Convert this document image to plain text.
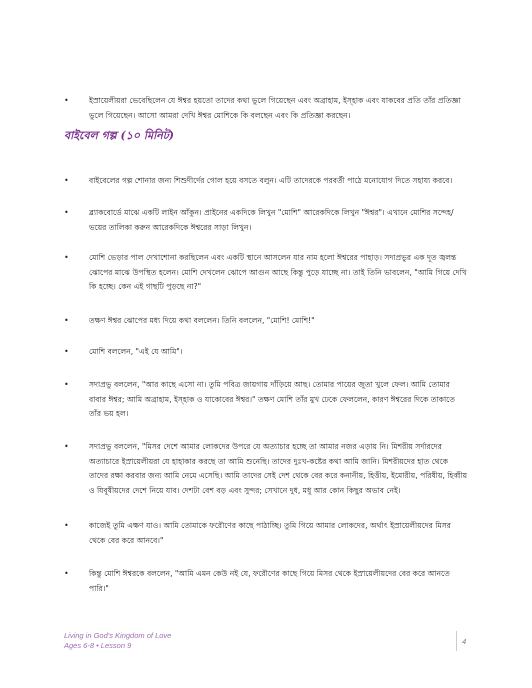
•	ইস্রায়েলীয়রা ভেবেছিলেন যে ঈশ্বর হয়তো তাদের কথা ভুলে গিয়েছেন এবং অব্রাহাম, ইস্হাক এবং যাকবের প্রতি তাঁর প্রতিজ্ঞা ভুলে গিয়েছেন। আসো আমরা দেখি ঈশ্বর মোশিকে কি বলছেন এবং কি প্রতিজ্ঞা করছেন।

বাইবেল গল্প (১০ মিনিট)
•	বাইবেলের গল্প শোনার জন্য শিশুদীর্দের গোল হয়ে বসতে বলুন। এটি তাদেরকে পরবর্তী পাঠে মনোযোগ দিতে সহায্য করবে।

•	ব্ল্যাকবোর্ডে মাঝে একটি লাইন আঁকুন। প্রাইনের একদিকে লিখুন "মোশি" আরেকদিকে লিখুন "ঈশ্বর"। এখানে মোশির সন্দেহ/ভয়ের তালিকা করুন আরেকদিকে ঈশ্বরের সাড়া লিখুন।

•	মোশি ভেড়ার পাল দেখাশোনা করছিলেন এবং একটি স্থানে আসলেন যার নাম হলো ঈশ্বরের পাহাড়। সদাপ্রভুর এক দূত জ্বলন্ত ঝোপের মাঝে উপস্থিত হলেন। মোশি দেখলেন ঝোপে আগুন আছে কিন্তু পুড়ে যাচ্ছে না। তাই তিনি ভাবলেন, "আমি গিয়ে দেখি কি হচ্ছে। কেন এই গাছটি পুড়ছে না?"

•	তক্ষণ ঈশ্বর ঝোপের মধ্য দিয়ে কথা বললেন। তিনি বললেন, "মোশি! মোশি!"

•	মোশি বললেন, "এই যে আমি"।

•	সদাপ্রভু বললেন, "আর কাছে এসো না। তুমি পবিত্র জায়গায় দাঁড়িয়ে আছ। তোমার পায়ের জুতা খুলে ফেল। আমি তোমার বাবার ঈশ্বর; আমি অব্রাহাম, ইস্হাক ও যাকোবের ঈশ্বর।" তক্ষণ মোশি তাঁর মুখ ঢেকে ফেললেন, কারণ ঈশ্বরের দিকে তাকাতে তাঁর ভয় হল।

•	সদাপ্রভু বললেন, "মিসর দেশে আমার লোকদের উপরে যে অত্যাচার হচ্ছে তা আমার নজর এড়ায় নি। মিশরীয় সর্দারদের অত্যাচারে ইস্রায়েলীয়রা যে হাহাকার করছে তা আমি শুনেছি। তাদের দুঃখ-কষ্টের কথা আমি জানি। মিশরীয়দের হাত থেকে তাদের রক্ষা করবার জন্য আমি নেমে এসেছি। আমি তাদের সেই দেশ থেকে বের করে কনানীয়, হিত্তীয়, ইমোরীয়, পরিষীয়, হিব্বীয় ও যিবূষীয়দের দেশে নিয়ে যাব। দেশটা বেশ বড় এবং সুন্দর; সেখানে দুধ, মধু আর কোন কিছুর অভাব নেই।

•	কাজেই তুমি এক্ষণ যাও। আমি তোমাকে ফরৌণের কাছে পাঠাচ্ছি। তুমি গিয়ে আমার লোকদের, অর্থাৎ ইস্রায়েলীয়দের মিসর থেকে বের করে আনবে।"

•	কিন্তু মোশি ঈশ্বরকে বললেন, "আমি এমন কেউ নই যে, ফরৌণের কাছে গিয়ে মিসর থেকে ইস্রায়েলীয়দের বের করে আনতে পারি।"

Living in God's Kingdom of Love
Ages 6-8 • Lesson 9	4
